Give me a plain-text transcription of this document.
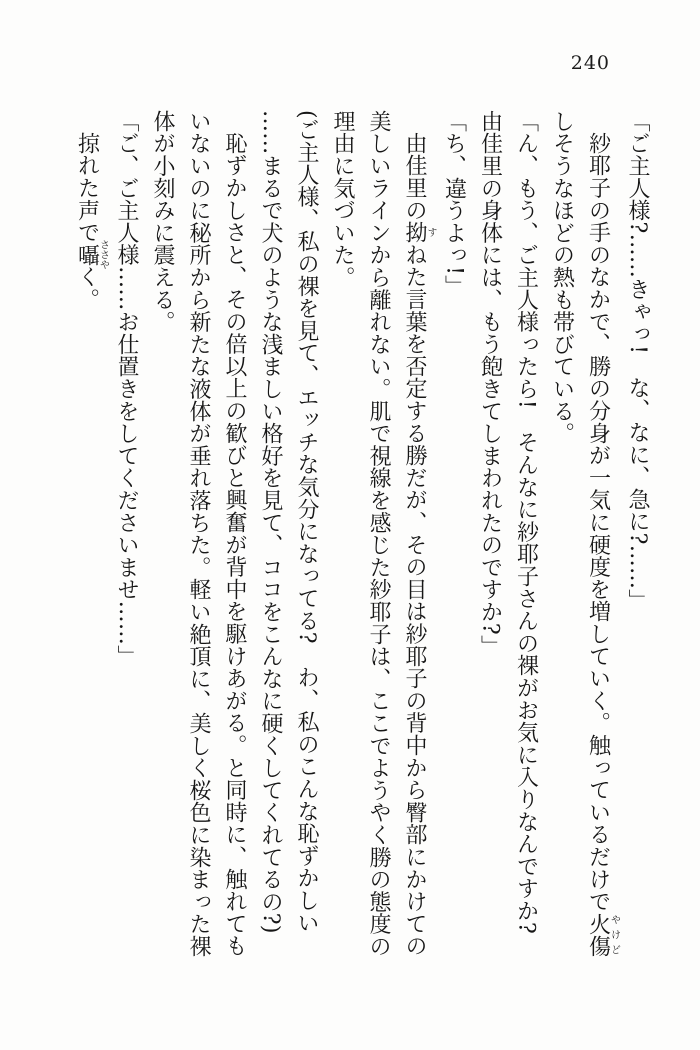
240

「ご主人様?……きゃっ!　な、なに、急に?……」

紗耶子の手のなかで、勝の分身が一気に硬度を増していく。触っているだけで火傷やけど

しそうなほどの熱も帯びている。

「ん、もう、ご主人様ったら!　そんなに紗耶子さんの裸がお気に入りなんですか?

由佳里の身体には、もう飽きてしまわれたのですか?」

「ち、違うよっ!」

由佳里の拗すねた言葉を否定する勝だが、その目は紗耶子の背中から臀部にかけての

美しいラインから離れない。肌で視線を感じた紗耶子は、ここでようやく勝の態度の

理由に気づいた。

(ご主人様、私の裸を見て、エッチな気分になってる?　わ、私のこんな恥ずかしい

……まるで犬のような浅ましい格好を見て、ココをこんなに硬くしてくれてるの?)

恥ずかしさと、その倍以上の歓びと興奮が背中を駆けあがる。と同時に、触れても

いないのに秘所から新たな液体が垂れ落ちた。軽い絶頂に、美しく桜色に染まった裸

体が小刻みに震える。

「ご、ご主人様……お仕置きをしてくださいませ……」

掠れた声で囁ささやく。
